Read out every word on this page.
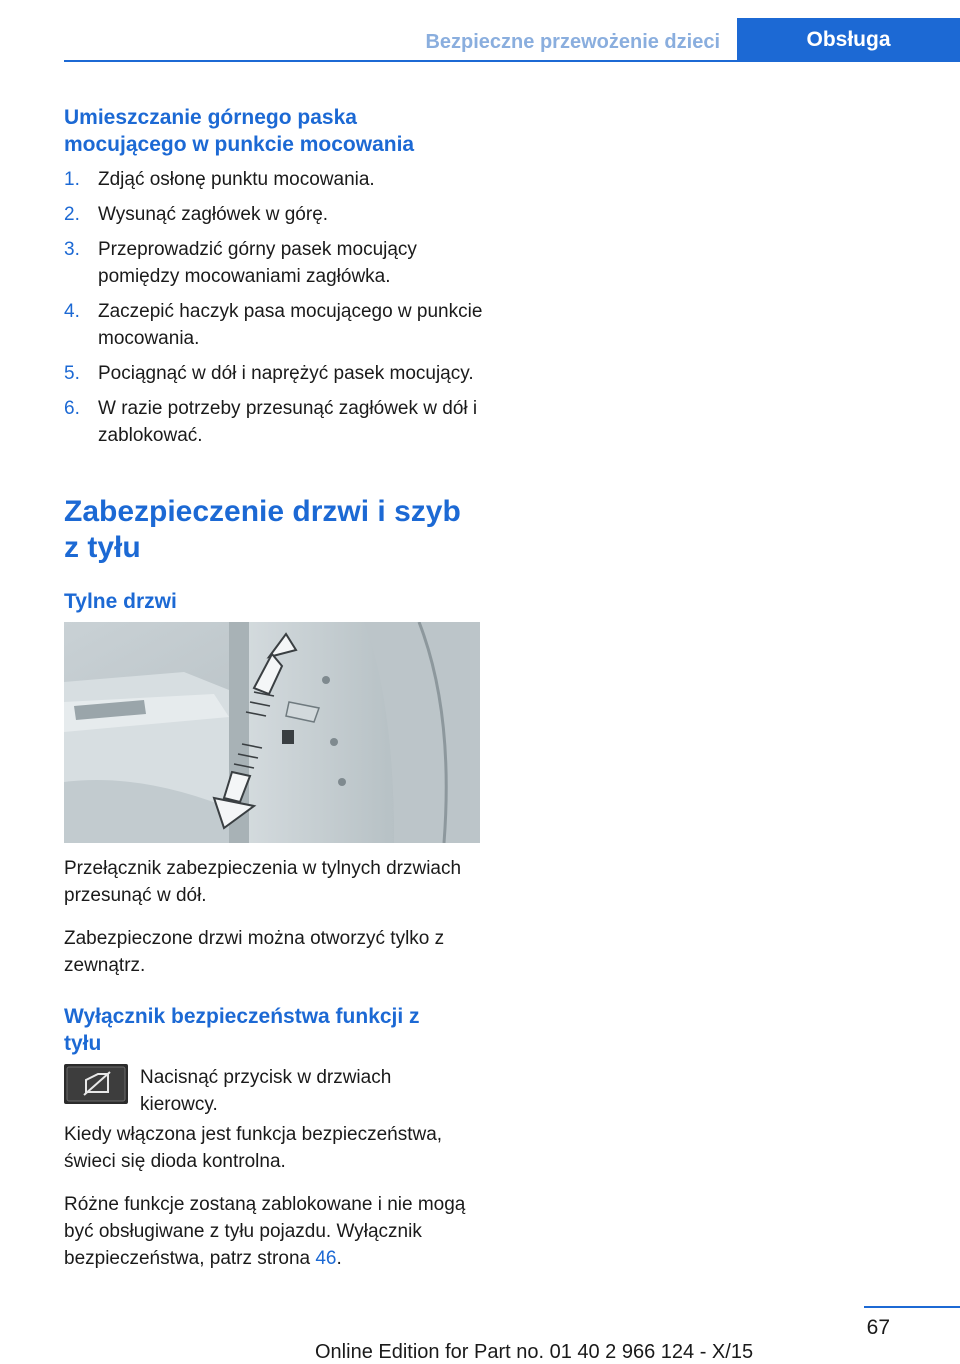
Bezpieczne przewożenie dzieci	Obsługa
Umieszczanie górnego paska mocującego w punkcie mocowania
1. Zdjąć osłonę punktu mocowania.
2. Wysunąć zagłówek w górę.
3. Przeprowadzić górny pasek mocujący pomiędzy mocowaniami zagłówka.
4. Zaczepić haczyk pasa mocującego w punkcie mocowania.
5. Pociągnąć w dół i naprężyć pasek mocujący.
6. W razie potrzeby przesunąć zagłówek w dół i zablokować.
Zabezpieczenie drzwi i szyb z tyłu
Tylne drzwi

Przełącznik zabezpieczenia w tylnych drzwiach przesunąć w dół.

Zabezpieczone drzwi można otworzyć tylko z zewnątrz.

Wyłącznik bezpieczeństwa funkcji z tyłu

Nacisnąć przycisk w drzwiach kierowcy.

Kiedy włączona jest funkcja bezpieczeństwa, świeci się dioda kontrolna.

Różne funkcje zostaną zablokowane i nie mogą być obsługiwane z tyłu pojazdu. Wyłącznik bezpieczeństwa, patrz strona 46.

67
Online Edition for Part no. 01 40 2 966 124 - X/15
